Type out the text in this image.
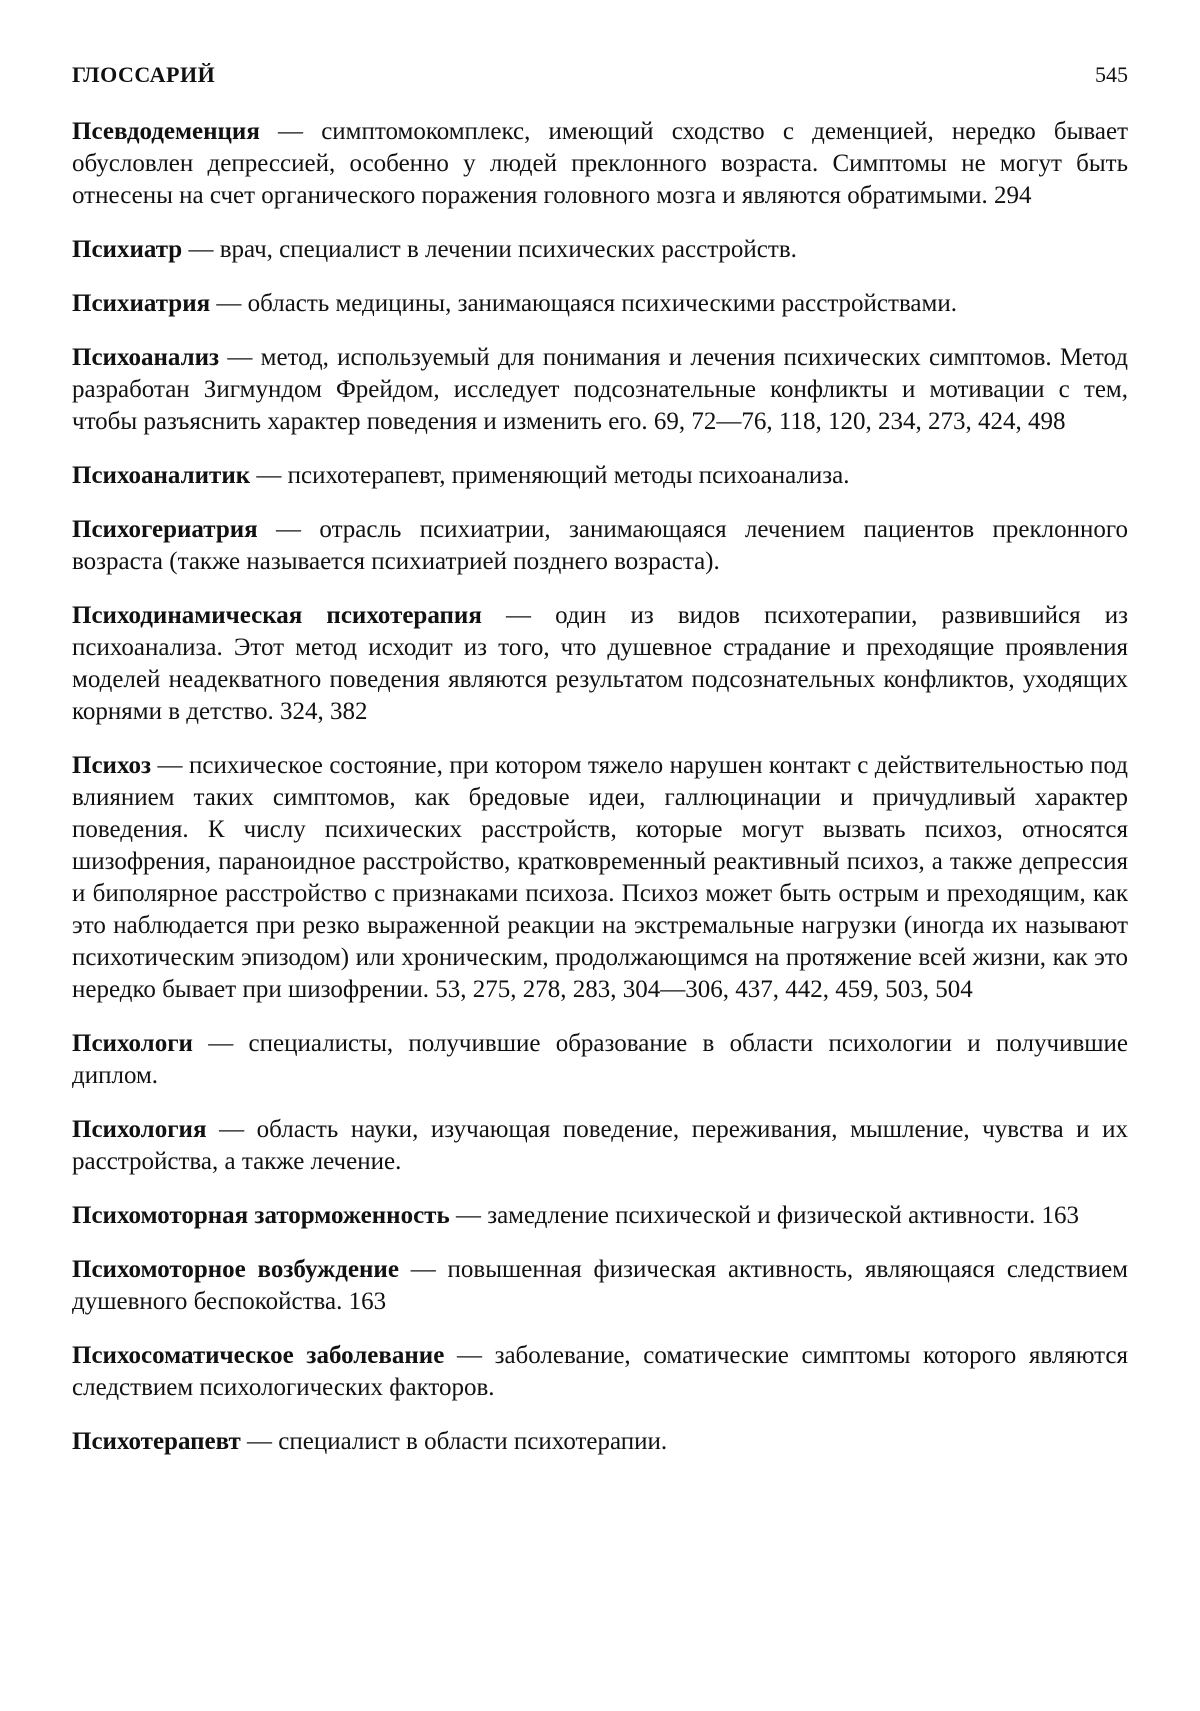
ГЛОССАРИЙ	545

Псевдодеменция — симптомокомплекс, имеющий сходство с деменцией, нередко бывает обусловлен депрессией, особенно у людей преклонного возраста. Симптомы не могут быть отнесены на счет органического поражения головного мозга и являются обратимыми. 294

Психиатр — врач, специалист в лечении психических расстройств.

Психиатрия — область медицины, занимающаяся психическими расстройствами.

Психоанализ — метод, используемый для понимания и лечения психических симптомов. Метод разработан Зигмундом Фрейдом, исследует подсознательные конфликты и мотивации с тем, чтобы разъяснить характер поведения и изменить его. 69, 72—76, 118, 120, 234, 273, 424, 498

Психоаналитик — психотерапевт, применяющий методы психоанализа.

Психогериатрия — отрасль психиатрии, занимающаяся лечением пациентов преклонного возраста (также называется психиатрией позднего возраста).

Психодинамическая психотерапия — один из видов психотерапии, развившийся из психоанализа. Этот метод исходит из того, что душевное страдание и преходящие проявления моделей неадекватного поведения являются результатом подсознательных конфликтов, уходящих корнями в детство. 324, 382

Психоз — психическое состояние, при котором тяжело нарушен контакт с действительностью под влиянием таких симптомов, как бредовые идеи, галлюцинации и причудливый характер поведения. К числу психических расстройств, которые могут вызвать психоз, относятся шизофрения, параноидное расстройство, кратковременный реактивный психоз, а также депрессия и биполярное расстройство с признаками психоза. Психоз может быть острым и преходящим, как это наблюдается при резко выраженной реакции на экстремальные нагрузки (иногда их называют психотическим эпизодом) или хроническим, продолжающимся на протяжение всей жизни, как это нередко бывает при шизофрении. 53, 275, 278, 283, 304—306, 437, 442, 459, 503, 504

Психологи — специалисты, получившие образование в области психологии и получившие диплом.

Психология — область науки, изучающая поведение, переживания, мышление, чувства и их расстройства, а также лечение.

Психомоторная заторможенность — замедление психической и физической активности. 163

Психомоторное возбуждение — повышенная физическая активность, являющаяся следствием душевного беспокойства. 163

Психосоматическое заболевание — заболевание, соматические симптомы которого являются следствием психологических факторов.

Психотерапевт — специалист в области психотерапии.
